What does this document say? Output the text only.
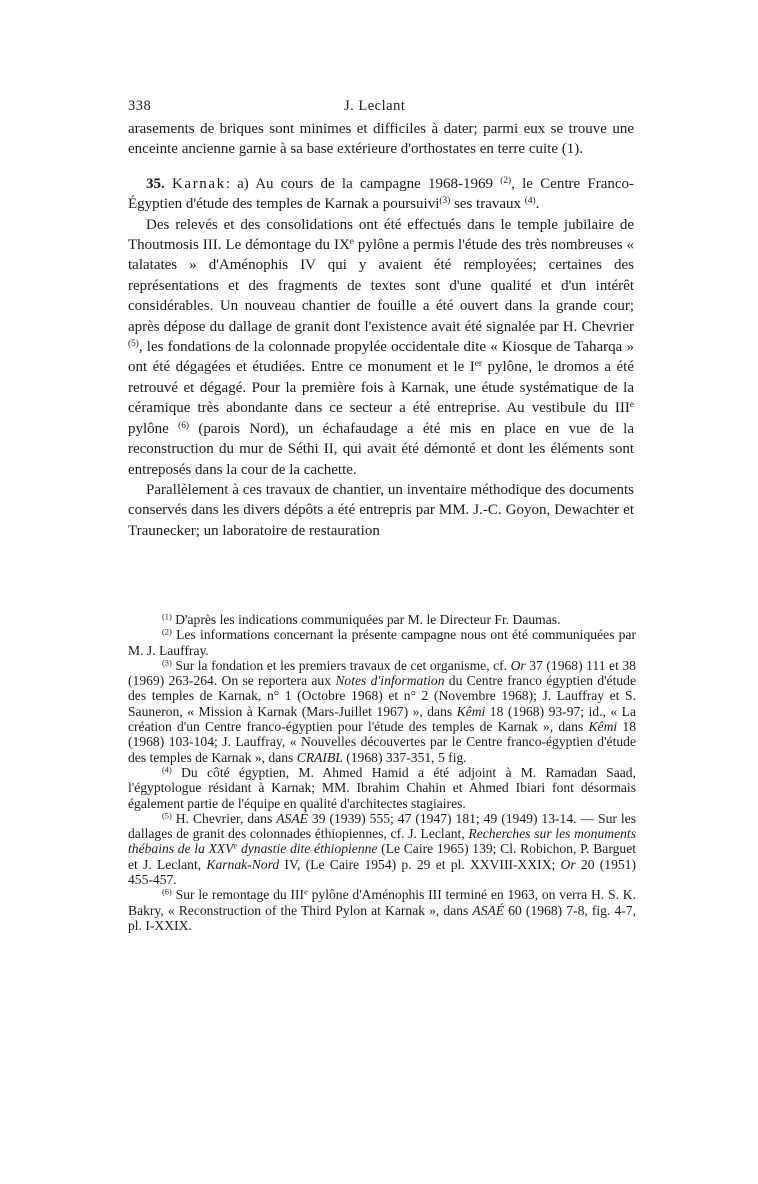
338	J. Leclant

arasements de briques sont minimes et difficiles à dater; parmi eux se trouve une enceinte ancienne garnie à sa base extérieure d'orthostates en terre cuite (1).

35. Karnak: a) Au cours de la campagne 1968-1969 $^{(2)}$, le Centre Franco-Égyptien d'étude des temples de Karnak a poursuivi$^{(3)}$ ses travaux $^{(4)}$.

Des relevés et des consolidations ont été effectués dans le temple jubilaire de Thoutmosis III. Le démontage du IXe pylône a permis l'étude des très nombreuses « talatates » d'Aménophis IV qui y avaient été remployées; certaines des représentations et des fragments de textes sont d'une qualité et d'un intérêt considérables. Un nouveau chantier de fouille a été ouvert dans la grande cour; après dépose du dallage de granit dont l'existence avait été signalée par H. Chevrier $^{(5)}$, les fondations de la colonnade propylée occidentale dite « Kiosque de Taharqa » ont été dégagées et étudiées. Entre ce monument et le Ier pylône, le dromos a été retrouvé et dégagé. Pour la première fois à Karnak, une étude systématique de la céramique très abondante dans ce secteur a été entreprise. Au vestibule du IIIe pylône $^{(6)}$ (parois Nord), un échafaudage a été mis en place en vue de la reconstruction du mur de Séthi II, qui avait été démonté et dont les éléments sont entreposés dans la cour de la cachette.

Parallèlement à ces travaux de chantier, un inventaire méthodique des documents conservés dans les divers dépôts a été entrepris par MM. J.-C. Goyon, Dewachter et Traunecker; un laboratoire de restauration

$^{(1)}$ D'après les indications communiquées par M. le Directeur Fr. Daumas.

$^{(2)}$ Les informations concernant la présente campagne nous ont été communiquées par M. J. Lauffray.

$^{(3)}$ Sur la fondation et les premiers travaux de cet organisme, cf. Or 37 (1968) 111 et 38 (1969) 263-264. On se reportera aux Notes d'information du Centre franco égyptien d'étude des temples de Karnak, n° 1 (Octobre 1968) et n° 2 (Novembre 1968); J. Lauffray et S. Sauneron, « Mission à Karnak (Mars-Juillet 1967) », dans Kêmi 18 (1968) 93-97; id., « La création d'un Centre franco-égyptien pour l'étude des temples de Karnak », dans Kêmi 18 (1968) 103-104; J. Lauffray, « Nouvelles découvertes par le Centre franco-égyptien d'étude des temples de Karnak », dans CRAIBL (1968) 337-351, 5 fig.

$^{(4)}$ Du côté égyptien, M. Ahmed Hamid a été adjoint à M. Ramadan Saad, l'égyptologue résidant à Karnak; MM. Ibrahim Chahin et Ahmed Ibiari font désormais également partie de l'équipe en qualité d'architectes stagiaires.

$^{(5)}$ H. Chevrier, dans ASAÉ 39 (1939) 555; 47 (1947) 181; 49 (1949) 13-14. — Sur les dallages de granit des colonnades éthiopiennes, cf. J. Leclant, Recherches sur les monuments thébains de la XXVe dynastie dite éthiopienne (Le Caire 1965) 139; Cl. Robichon, P. Barguet et J. Leclant, Karnak-Nord IV, (Le Caire 1954) p. 29 et pl. XXVIII-XXIX; Or 20 (1951) 455-457.

$^{(6)}$ Sur le remontage du IIIe pylône d'Aménophis III terminé en 1963, on verra H. S. K. Bakry, « Reconstruction of the Third Pylon at Karnak », dans ASAÉ 60 (1968) 7-8, fig. 4-7, pl. I-XXIX.
